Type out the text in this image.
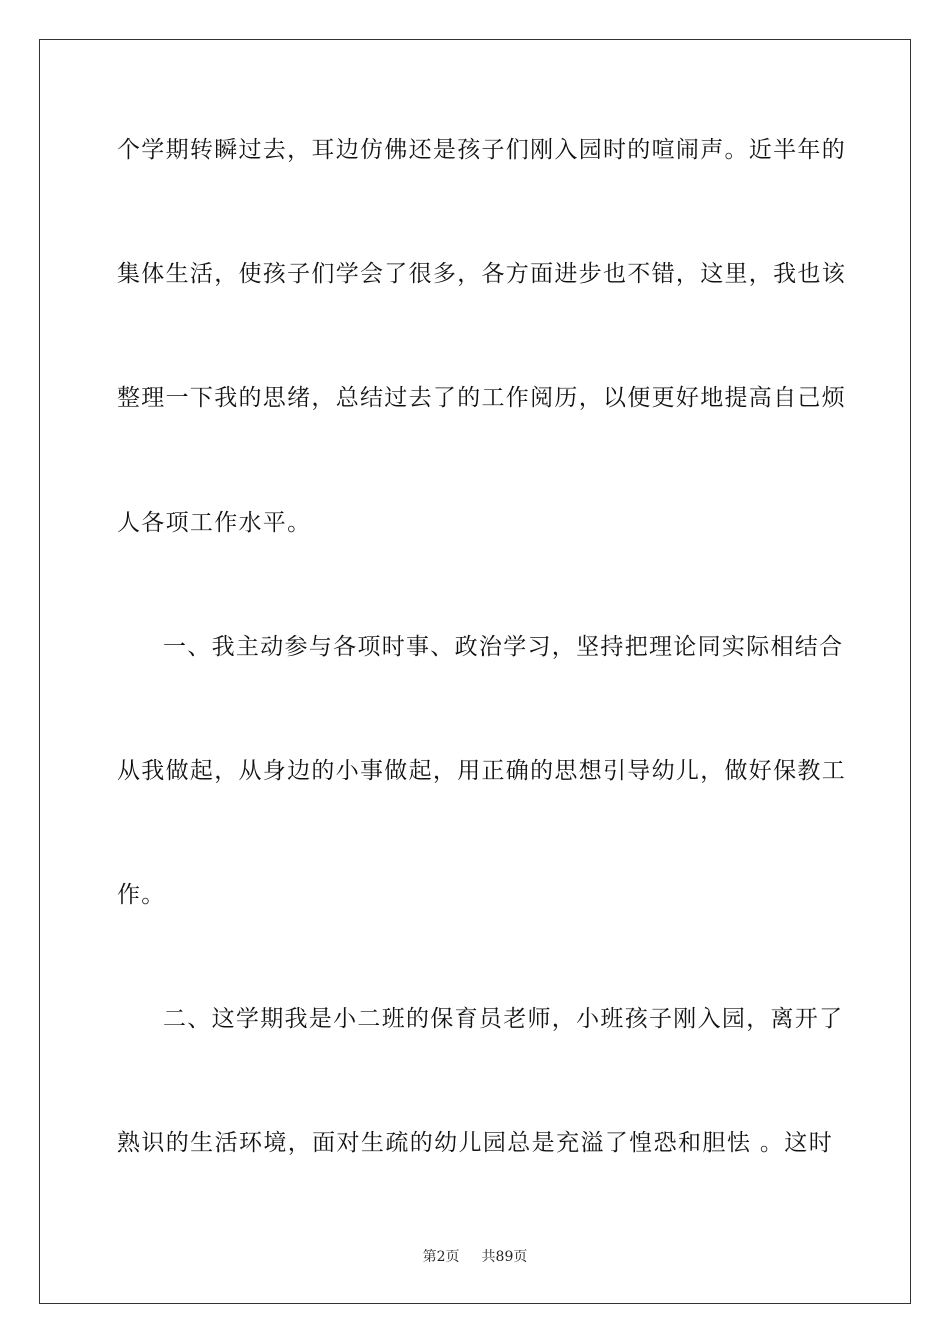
个学期转瞬过去，耳边仿佛还是孩子们刚入园时的喧闹声。近半年的
集体生活，使孩子们学会了很多，各方面进步也不错，这里，我也该
整理一下我的思绪，总结过去了的工作阅历，以便更好地提高自己烦
人各项工作水平。
一、我主动参与各项时事、政治学习，坚持把理论同实际相结合
从我做起，从身边的小事做起，用正确的思想引导幼儿，做好保教工
作。
二、这学期我是小二班的保育员老师，小班孩子刚入园，离开了
熟识的生活环境，面对生疏的幼儿园总是充溢了惶恐和胆怯 。这时
第2页 共89页
